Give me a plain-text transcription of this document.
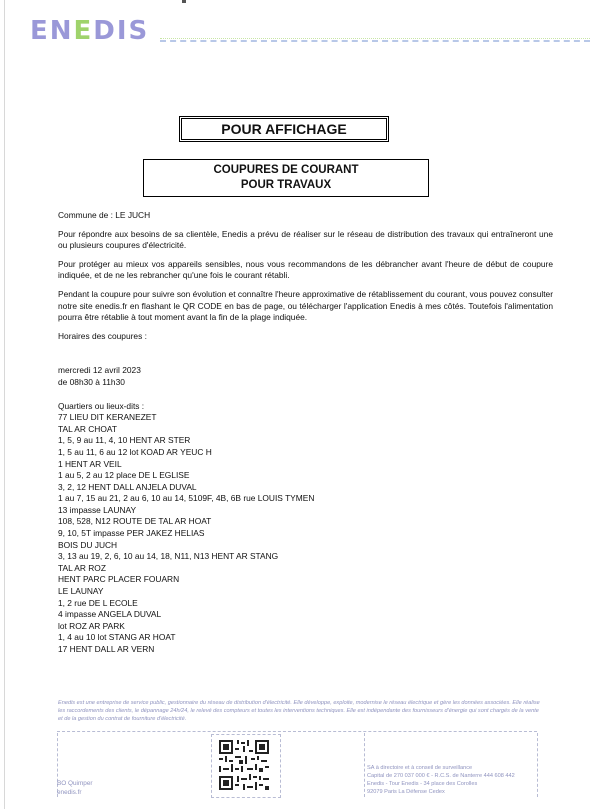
ENEDIS
POUR AFFICHAGE
COUPURES DE COURANT
POUR TRAVAUX

Commune de : LE JUCH

Pour répondre aux besoins de sa clientèle, Enedis a prévu de réaliser sur le réseau de distribution des travaux qui entraîneront une ou plusieurs coupures d'électricité.

Pour protéger au mieux vos appareils sensibles, nous vous recommandons de les débrancher avant l'heure de début de coupure indiquée, et de ne les rebrancher qu'une fois le courant rétabli.

Pendant la coupure pour suivre son évolution et connaître l'heure approximative de rétablissement du courant, vous pouvez consulter notre site enedis.fr en flashant le QR CODE en bas de page, ou télécharger l'application Enedis à mes côtés. Toutefois l'alimentation pourra être rétablie à tout moment avant la fin de la plage indiquée.

Horaires des coupures :

mercredi 12 avril 2023

de 08h30 à 11h30

Quartiers ou lieux-dits :

77 LIEU DIT KERANEZET
TAL AR CHOAT
1, 5, 9 au 11, 4, 10 HENT AR STER
1, 5 au 11, 6 au 12 lot KOAD AR YEUC H
1 HENT AR VEIL
1 au 5, 2 au 12 place DE L EGLISE
3, 2, 12 HENT DALL ANJELA DUVAL
1 au 7, 15 au 21, 2 au 6, 10 au 14, 5109F, 4B, 6B rue LOUIS TYMEN
13 impasse LAUNAY
108, 528, N12 ROUTE DE TAL AR HOAT
9, 10, 5T impasse PER JAKEZ HELIAS
BOIS DU JUCH
3, 13 au 19, 2, 6, 10 au 14, 18, N11, N13 HENT AR STANG
TAL AR ROZ
HENT PARC PLACER FOUARN
LE LAUNAY
1, 2 rue DE L ECOLE
4 impasse ANGELA DUVAL
lot ROZ AR PARK
1, 4 au 10 lot STANG AR HOAT
17 HENT DALL AR VERN
Enedis est une entreprise de service public, gestionnaire du réseau de distribution d'électricité. Elle développe, exploite, modernise le réseau électrique et gère les données associées. Elle réalise les raccordements des clients, le dépannage 24h/24, le relevé des compteurs et toutes les interventions techniques. Elle est indépendante des fournisseurs d'énergie qui sont chargés de la vente et de la gestion du contrat de fourniture d'électricité.
BO Quimper
enedis.fr
SA à directoire et à conseil de surveillance
Capital de 270 037 000 € - R.C.S. de Nanterre 444 608 442
Enedis - Tour Enedis - 34 place des Corolles
92079 Paris La Défense Cedex
